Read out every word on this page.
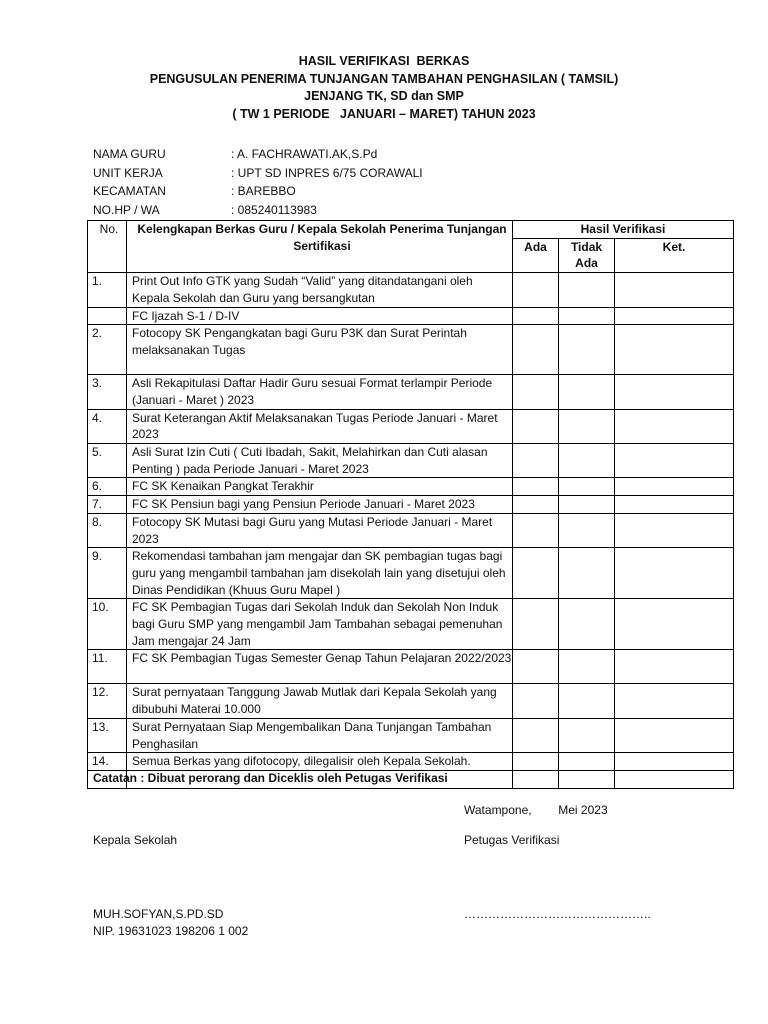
HASIL VERIFIKASI  BERKAS
PENGUSULAN PENERIMA TUNJANGAN TAMBAHAN PENGHASILAN ( TAMSIL)
JENJANG TK, SD dan SMP
( TW 1 PERIODE   JANUARI – MARET) TAHUN 2023
NAMA GURU	: A. FACHRAWATI.AK,S.Pd
UNIT KERJA	: UPT SD INPRES 6/75 CORAWALI
KECAMATAN	: BAREBBO
NO.HP / WA	: 085240113983
No.	Kelengkapan Berkas Guru / Kepala Sekolah Penerima Tunjangan Sertifikasi	Hasil Verifikasi		
		Ada	Tidak Ada	Ket.
1.	Print Out Info GTK yang Sudah “Valid” yang ditandatangani oleh Kepala Sekolah dan Guru yang bersangkutan			
	FC Ijazah S-1 / D-IV			
2.	Fotocopy SK Pengangkatan bagi Guru P3K dan Surat Perintah melaksanakan Tugas			
3.	Asli Rekapitulasi Daftar Hadir Guru sesuai Format terlampir Periode (Januari - Maret ) 2023			
4.	Surat Keterangan Aktif Melaksanakan Tugas Periode Januari - Maret 2023			
5.	Asli Surat Izin Cuti ( Cuti Ibadah, Sakit, Melahirkan dan Cuti alasan Penting ) pada Periode Januari - Maret 2023			
6.	FC SK Kenaikan Pangkat Terakhir			
7.	FC SK Pensiun bagi yang Pensiun Periode Januari - Maret 2023			
8.	Fotocopy SK Mutasi bagi Guru yang Mutasi Periode Januari - Maret 2023			
9.	Rekomendasi tambahan jam mengajar dan SK pembagian tugas bagi guru yang mengambil tambahan jam disekolah lain yang disetujui oleh Dinas Pendidikan (Khuus Guru Mapel )			
10.	FC SK Pembagian Tugas dari Sekolah Induk dan Sekolah Non Induk bagi Guru SMP yang mengambil Jam Tambahan sebagai pemenuhan Jam mengajar 24 Jam			
11.	FC SK Pembagian Tugas Semester Genap Tahun Pelajaran 2022/2023			
12.	Surat pernyataan Tanggung Jawab Mutlak dari Kepala Sekolah yang dibubuhi Materai 10.000			
13.	Surat Pernyataan Siap Mengembalikan Dana Tunjangan Tambahan Penghasilan			
14.	Semua Berkas yang difotocopy, dilegalisir oleh Kepala Sekolah.			

Catatan : Dibuat perorang dan Diceklis oleh Petugas Verifikasi
Watampone,        Mei 2023
Kepala Sekolah	Petugas Verifikasi
MUH.SOFYAN,S.PD.SD	………………………………………..
NIP. 19631023 198206 1 002
